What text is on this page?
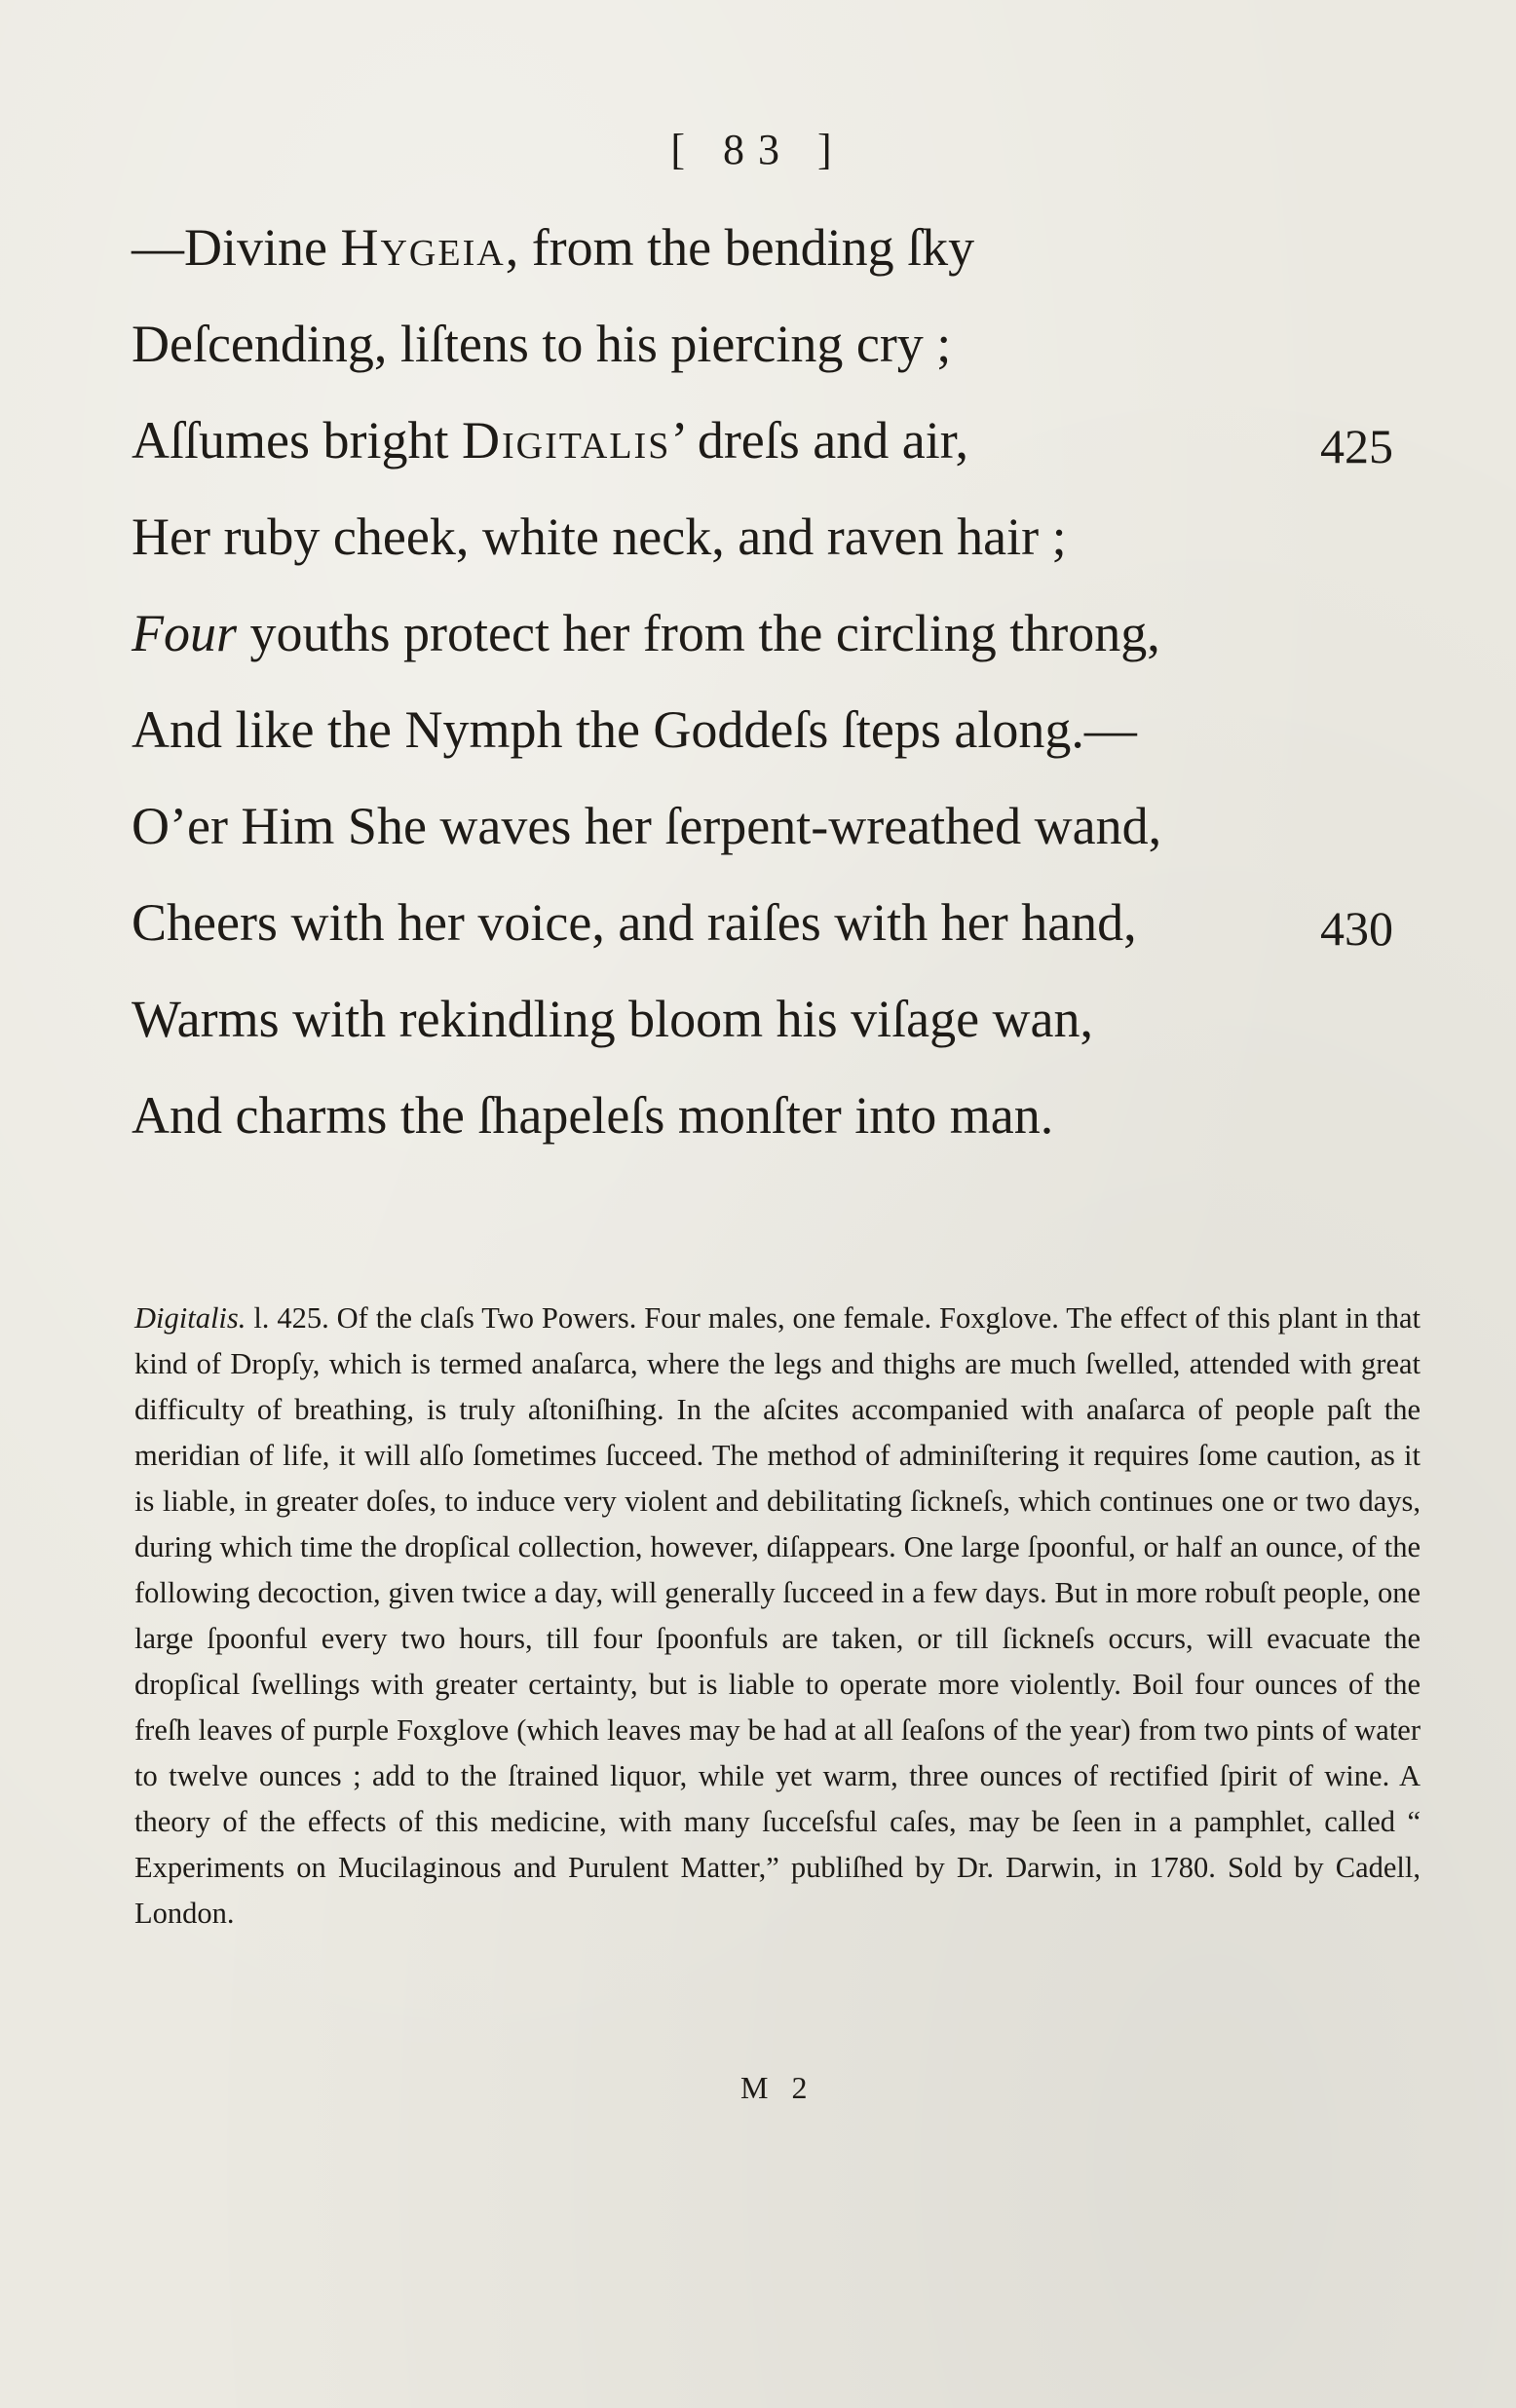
[ 83 ]
—Divine Hygeia, from the bending ſky
Deſcending, liſtens to his piercing cry ;
Aſſumes bright Digitalis’ dreſs and air,	425
Her ruby cheek, white neck, and raven hair ;
Four youths protect her from the circling throng,
And like the Nymph the Goddeſs ſteps along.—
O’er Him She waves her ſerpent-wreathed wand,
Cheers with her voice, and raiſes with her hand,	430
Warms with rekindling bloom his viſage wan,
And charms the ſhapeleſs monſter into man.
Digitalis. l. 425. Of the claſs Two Powers. Four males, one female. Foxglove. The effect of this plant in that kind of Dropſy, which is termed anaſarca, where the legs and thighs are much ſwelled, attended with great difficulty of breathing, is truly aſtoniſhing. In the aſcites accompanied with anaſarca of people paſt the meridian of life, it will alſo ſometimes ſucceed. The method of adminiſtering it requires ſome caution, as it is liable, in greater doſes, to induce very violent and debilitating ſickneſs, which continues one or two days, during which time the dropſical collection, however, diſappears. One large ſpoonful, or half an ounce, of the following decoction, given twice a day, will generally ſucceed in a few days. But in more robuſt people, one large ſpoonful every two hours, till four ſpoonfuls are taken, or till ſickneſs occurs, will evacuate the dropſical ſwellings with greater certainty, but is liable to operate more violently. Boil four ounces of the freſh leaves of purple Foxglove (which leaves may be had at all ſeaſons of the year) from two pints of water to twelve ounces ; add to the ſtrained liquor, while yet warm, three ounces of rectified ſpirit of wine. A theory of the effects of this medicine, with many ſucceſsful caſes, may be ſeen in a pamphlet, called “ Experiments on Mucilaginous and Purulent Matter,” publiſhed by Dr. Darwin, in 1780. Sold by Cadell, London.
M 2
